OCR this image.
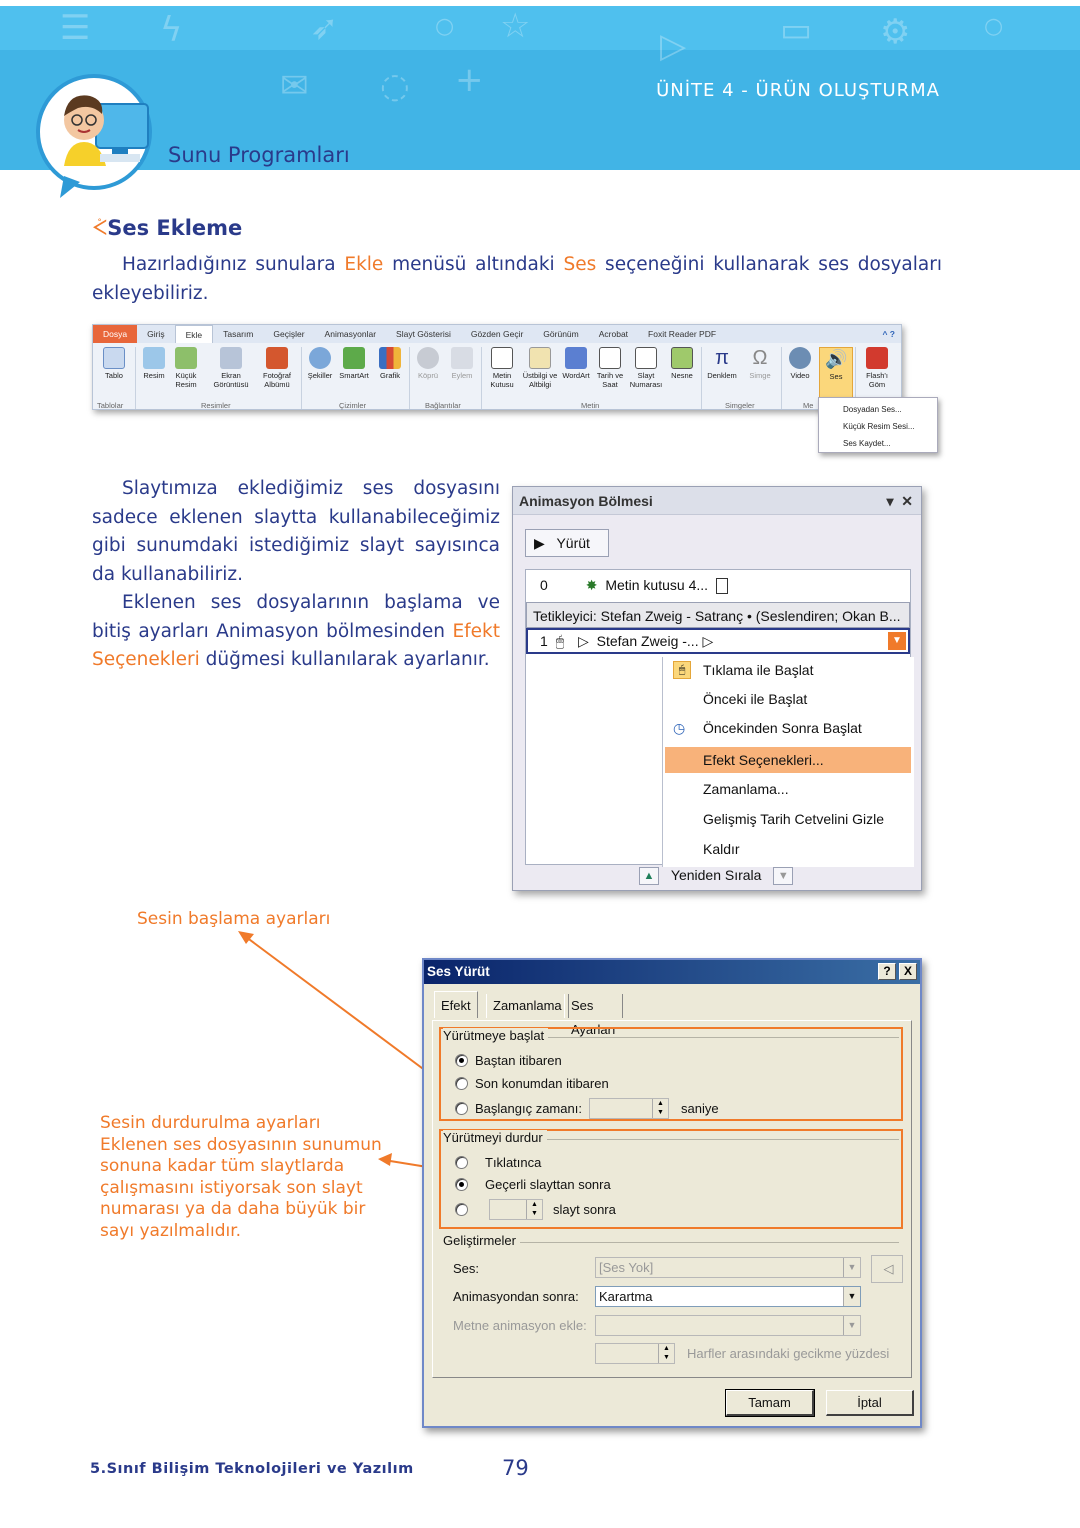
☰ ϟ	➶	○ ☆	▷	▭ ⚙	○
+
◌
✉	ÜNİTE 4 - ÜRÜN OLUŞTURMA
Sunu Programları
ᢵSes Ekleme
Hazırladığınız sunulara Ekle menüsü altındaki Ses seçeneğini kullanarak ses dosyaları ekleyebiliriz.
Dosya	Giriş	Ekle	Tasarım	Geçişler	Animasyonlar	Slayt Gösterisi	Gözden Geçir	Görünüm	Acrobat	Foxit Reader PDF	^ ?
Tablo	Resim	Küçük Resim
Ekran Görüntüsü
Fotoğraf Albümü
Şekiller SmartArt	Grafik	Köprü	Eylem	Metin Kutusu
Üstbilgi ve Altbilgi
WordArt Tarih ve Saat
Slayt Numarası
Nesne
π
Denklem
Ω
Simge	Video
🔊
Ses	Flash'ı Göm
Tablolar	Resimler	Çizimler	Bağlantılar	Metin	Simgeler	Me	Dosyadan Ses...
Küçük Resim Sesi...
Ses Kaydet...
Slaytımıza eklediğimiz ses dosyasını sadece eklenen slaytta kullanabileceğimiz gibi sunumdaki istediğimiz slayt sayısınca da kullanabiliriz.
Eklenen ses dosyalarının başlama ve bitiş ayarları Animasyon bölmesinden Efekt Seçenekleri düğmesi kullanılarak ayarlanır.
Animasyon Bölmesi	▾ ✕
▶ Yürüt
0	✸ Metin kutusu 4...
Tetikleyici: Stefan Zweig - Satranç • (Seslendiren; Okan B...
1 🖱 ▷ Stefan Zweig -... ▷	▼
🖱	Tıklama ile Başlat
Önceki ile Başlat
◷	Öncekinden Sonra Başlat
Efekt Seçenekleri...
Zamanlama...
Gelişmiş Tarih Cetvelini Gizle
Kaldır
▲ Yeniden Sırala ▼
Sesin başlama ayarları
Sesin durdurulma ayarları
Eklenen ses dosyasının sunumun
sonuna kadar tüm slaytlarda
çalışmasını istiyorsak son slayt
numarası ya da daha büyük bir
sayı yazılmalıdır.
Ses Yürüt	?	X
Efekt	Zamanlama Ses Ayarları
Yürütmeye başlat
Baştan itibaren
Son konumdan itibaren
Başlangıç zamanı:	▲
▼	saniye
Yürütmeyi durdur
Tıklatınca
Geçerli slayttan sonra
▲
▼	slayt sonra
Geliştirmeler
Ses:	[Ses Yok]	▼	◁
Animasyondan sonra:	Karartma	▼
Metne animasyon ekle:	▼
▲
▼	Harfler arasındaki gecikme yüzdesi
Tamam	İptal
5.Sınıf Bilişim Teknolojileri ve Yazılım	79
